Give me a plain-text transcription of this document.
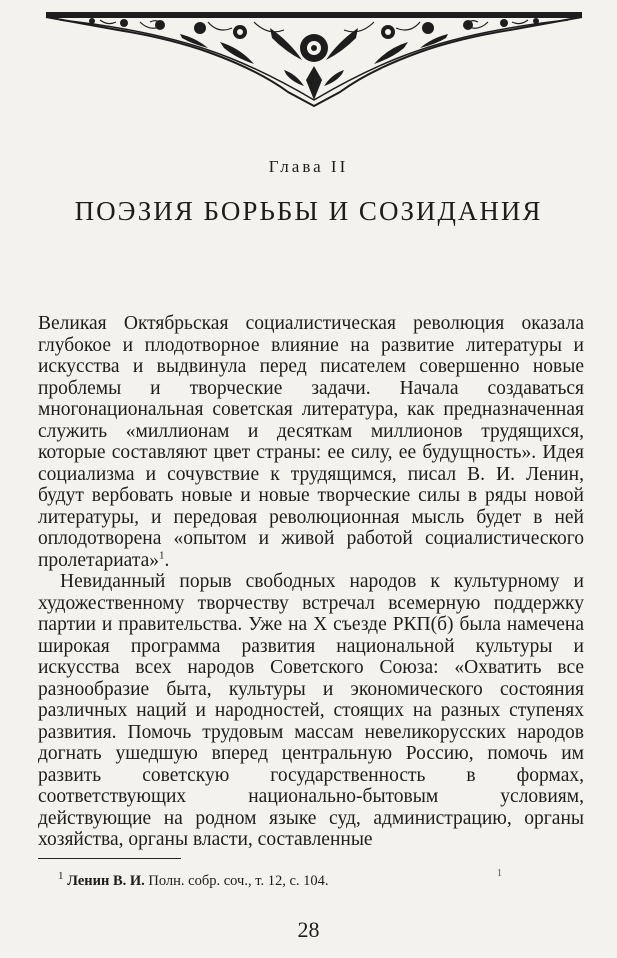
Глава II
ПОЭЗИЯ БОРЬБЫ И СОЗИДАНИЯ

Великая Октябрьская социалистическая революция оказала глубокое и плодотворное влияние на развитие литературы и искусства и выдвинула перед писателем совершенно новые проблемы и творческие задачи. Начала создаваться многонациональная советская литература, как предназначенная служить «миллионам и десяткам миллионов трудящихся, которые составляют цвет страны: ее силу, ее будущность». Идея социализма и сочувствие к трудящимся, писал В. И. Ленин, будут вербовать новые и новые творческие силы в ряды новой литературы, и передовая революционная мысль будет в ней оплодотворена «опытом и живой работой социалистического пролетариата»$^1$.

Невиданный порыв свободных народов к культурному и художественному творчеству встречал всемерную поддержку партии и правительства. Уже на X съезде РКП(б) была намечена широкая программа развития национальной культуры и искусства всех народов Советского Союза: «Охватить все разнообразие быта, культуры и экономического состояния различных наций и народностей, стоящих на разных ступенях развития. Помочь трудовым массам невеликорусских народов догнать ушедшую вперед центральную Россию, помочь им развить советскую государственность в формах, соответствующих национально-бытовым условиям, действующие на родном языке суд, администрацию, органы хозяйства, органы власти, составленные

$^1$ Ленин В. И. Полн. собр. соч., т. 12, с. 104.	1
28
